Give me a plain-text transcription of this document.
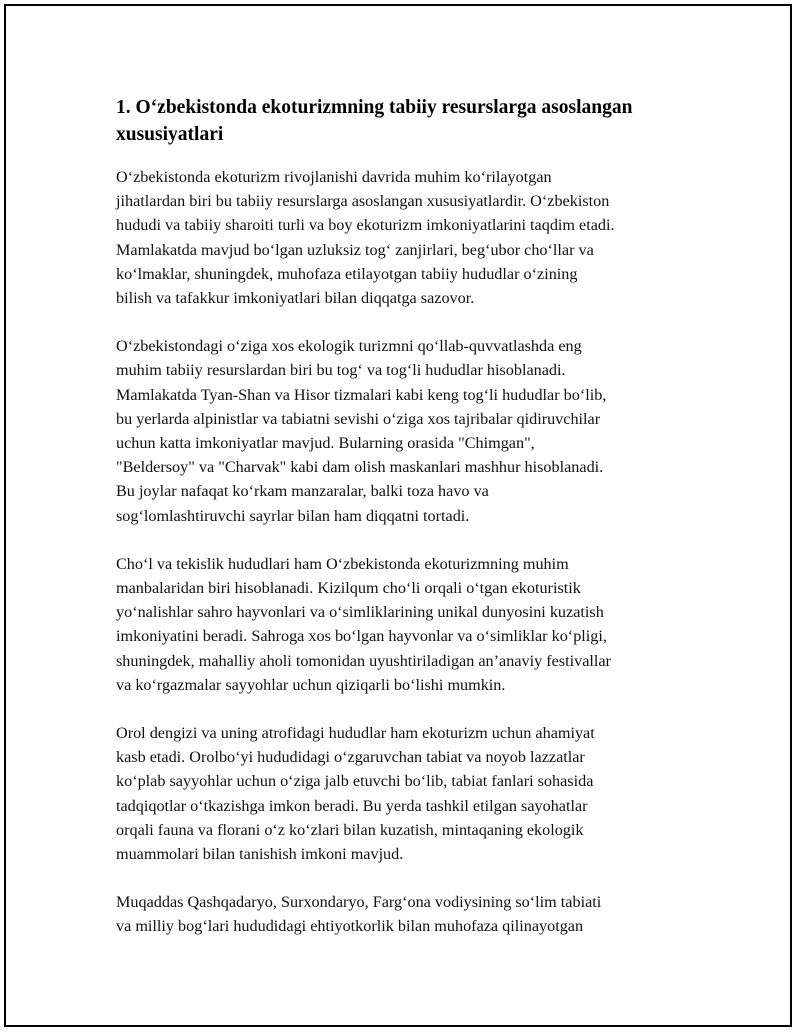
1. O‘zbekistonda ekoturizmning tabiiy resurslarga asoslangan
xususiyatlari

O‘zbekistonda ekoturizm rivojlanishi davrida muhim ko‘rilayotgan
jihatlardan biri bu tabiiy resurslarga asoslangan xususiyatlardir. O‘zbekiston
hududi va tabiiy sharoiti turli va boy ekoturizm imkoniyatlarini taqdim etadi.
Mamlakatda mavjud bo‘lgan uzluksiz tog‘ zanjirlari, beg‘ubor cho‘llar va
ko‘lmaklar, shuningdek, muhofaza etilayotgan tabiiy hududlar o‘zining
bilish va tafakkur imkoniyatlari bilan diqqatga sazovor.

O‘zbekistondagi o‘ziga xos ekologik turizmni qo‘llab-quvvatlashda eng
muhim tabiiy resurslardan biri bu tog‘ va tog‘li hududlar hisoblanadi.
Mamlakatda Tyan-Shan va Hisor tizmalari kabi keng tog‘li hududlar bo‘lib,
bu yerlarda alpinistlar va tabiatni sevishi o‘ziga xos tajribalar qidiruvchilar
uchun katta imkoniyatlar mavjud. Bularning orasida "Chimgan",
"Beldersoy" va "Charvak" kabi dam olish maskanlari mashhur hisoblanadi.
Bu joylar nafaqat ko‘rkam manzaralar, balki toza havo va
sog‘lomlashtiruvchi sayrlar bilan ham diqqatni tortadi.

Cho‘l va tekislik hududlari ham O‘zbekistonda ekoturizmning muhim
manbalaridan biri hisoblanadi. Kizilqum cho‘li orqali o‘tgan ekoturistik
yo‘nalishlar sahro hayvonlari va o‘simliklarining unikal dunyosini kuzatish
imkoniyatini beradi. Sahroga xos bo‘lgan hayvonlar va o‘simliklar ko‘pligi,
shuningdek, mahalliy aholi tomonidan uyushtiriladigan an’anaviy festivallar
va ko‘rgazmalar sayyohlar uchun qiziqarli bo‘lishi mumkin.

Orol dengizi va uning atrofidagi hududlar ham ekoturizm uchun ahamiyat
kasb etadi. Orolbo‘yi hududidagi o‘zgaruvchan tabiat va noyob lazzatlar
ko‘plab sayyohlar uchun o‘ziga jalb etuvchi bo‘lib, tabiat fanlari sohasida
tadqiqotlar o‘tkazishga imkon beradi. Bu yerda tashkil etilgan sayohatlar
orqali fauna va florani o‘z ko‘zlari bilan kuzatish, mintaqaning ekologik
muammolari bilan tanishish imkoni mavjud.

Muqaddas Qashqadaryo, Surxondaryo, Farg‘ona vodiysining so‘lim tabiati
va milliy bog‘lari hududidagi ehtiyotkorlik bilan muhofaza qilinayotgan
